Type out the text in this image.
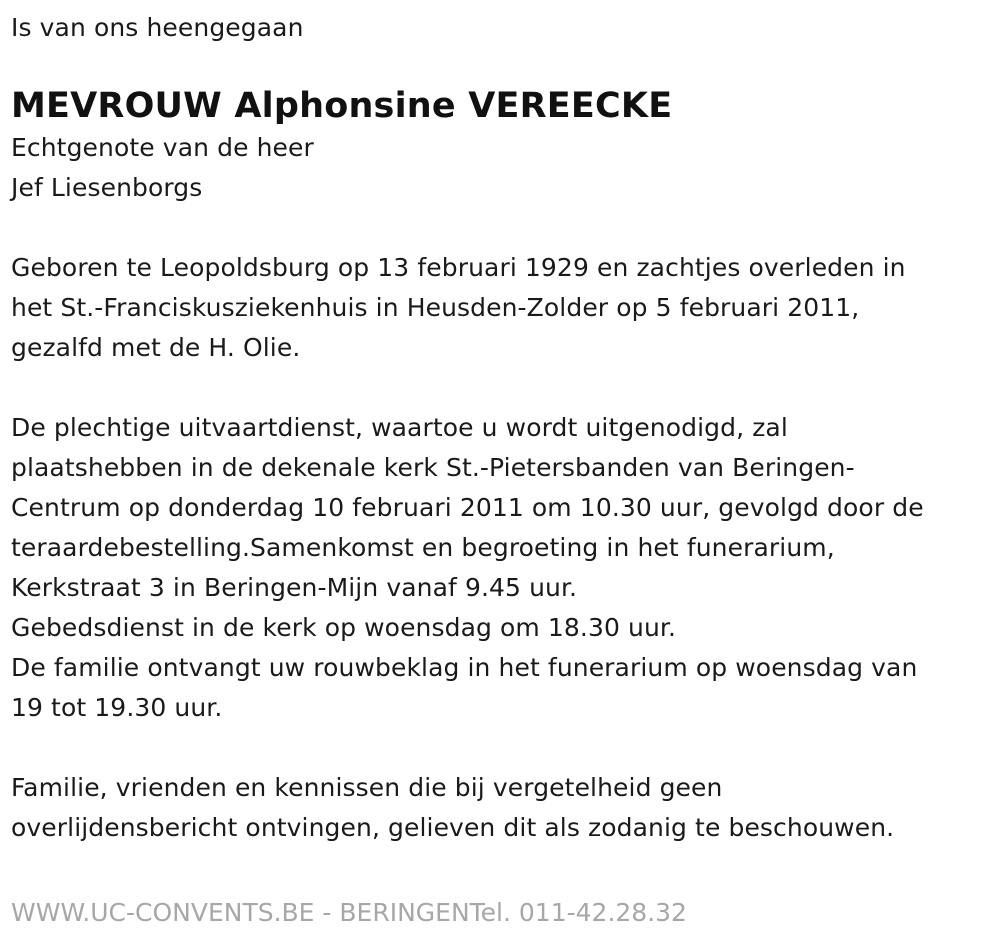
Is van ons heengegaan
MEVROUW Alphonsine VEREECKE
Echtgenote van de heer
Jef Liesenborgs
Geboren te Leopoldsburg op 13 februari 1929 en zachtjes overleden in
het St.-Franciskusziekenhuis in Heusden-Zolder op 5 februari 2011,
gezalfd met de H. Olie.
De plechtige uitvaartdienst, waartoe u wordt uitgenodigd, zal
plaatshebben in de dekenale kerk St.-Pietersbanden van Beringen-
Centrum op donderdag 10 februari 2011 om 10.30 uur, gevolgd door de
teraardebestelling.Samenkomst en begroeting in het funerarium,
Kerkstraat 3 in Beringen-Mijn vanaf 9.45 uur.
Gebedsdienst in de kerk op woensdag om 18.30 uur.
De familie ontvangt uw rouwbeklag in het funerarium op woensdag van
19 tot 19.30 uur.
Familie, vrienden en kennissen die bij vergetelheid geen
overlijdensbericht ontvingen, gelieven dit als zodanig te beschouwen.
WWW.UC-CONVENTS.BE - BERINGENTel. 011-42.28.32
